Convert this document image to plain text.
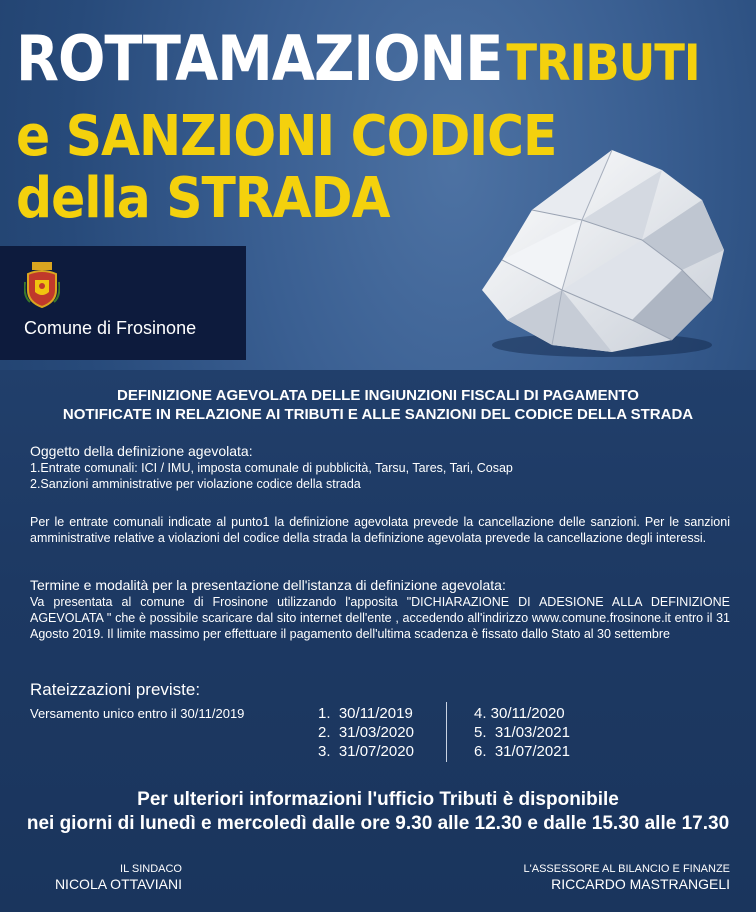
ROTTAMAZIONE TRIBUTI
e SANZIONI CODICE
della STRADA
Comune di Frosinone
DEFINIZIONE AGEVOLATA DELLE INGIUNZIONI FISCALI DI PAGAMENTO
NOTIFICATE IN RELAZIONE AI TRIBUTI E ALLE SANZIONI DEL CODICE DELLA STRADA
Oggetto della definizione agevolata:
1.Entrate comunali: ICI / IMU, imposta comunale di pubblicità, Tarsu, Tares, Tari, Cosap
2.Sanzioni amministrative per violazione codice della strada
Per le entrate comunali indicate al punto1 la definizione agevolata prevede la cancellazione delle sanzioni. Per le sanzioni amministrative relative a violazioni del codice della strada la definizione agevolata prevede la cancellazione degli interessi.
Termine e modalità per la presentazione dell'istanza di definizione agevolata:
Va presentata al comune di Frosinone utilizzando l'apposita "DICHIARAZIONE DI ADESIONE ALLA DEFINIZIONE AGEVOLATA " che è possibile scaricare dal sito internet dell'ente , accedendo all'indirizzo www.comune.frosinone.it entro il 31 Agosto 2019. Il limite massimo per effettuare il pagamento dell'ultima scadenza è fissato dallo Stato al 30 settembre
Rateizzazioni previste:
Versamento unico entro il 30/11/2019	1.  30/11/2019
2.  31/03/2020
3.  31/07/2020
4. 30/11/2020
5.  31/03/2021
6.  31/07/2021
Per ulteriori informazioni l'ufficio Tributi è disponibile
nei giorni di lunedì e mercoledì dalle ore 9.30 alle 12.30 e dalle 15.30 alle 17.30
IL SINDACO
NICOLA OTTAVIANI
L'ASSESSORE AL BILANCIO E FINANZE
RICCARDO MASTRANGELI
